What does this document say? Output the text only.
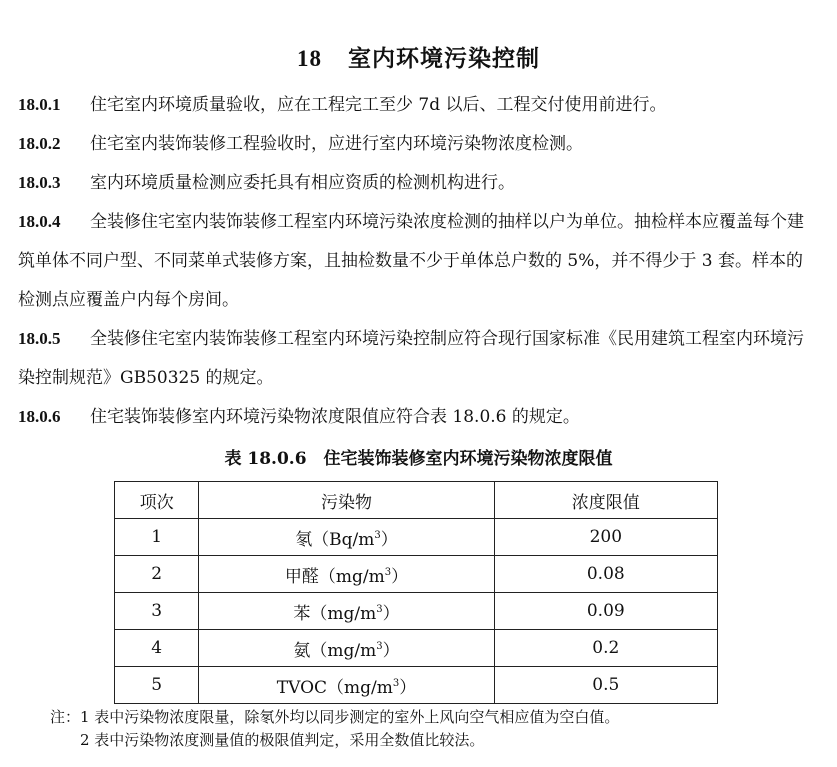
18 室内环境污染控制
18.0.1 住宅室内环境质量验收，应在工程完工至少 7d 以后、工程交付使用前进行。
18.0.2 住宅室内装饰装修工程验收时，应进行室内环境污染物浓度检测。
18.0.3 室内环境质量检测应委托具有相应资质的检测机构进行。
18.0.4 全装修住宅室内装饰装修工程室内环境污染浓度检测的抽样以户为单位。抽检样本应覆盖每个建筑单体不同户型、不同菜单式装修方案，且抽检数量不少于单体总户数的 5%，并不得少于 3 套。样本的检测点应覆盖户内每个房间。
18.0.5 全装修住宅室内装饰装修工程室内环境污染控制应符合现行国家标准《民用建筑工程室内环境污染控制规范》GB50325 的规定。
18.0.6 住宅装饰装修室内环境污染物浓度限值应符合表 18.0.6 的规定。
表 18.0.6　住宅装饰装修室内环境污染物浓度限值
项次	污染物	浓度限值
1	氡$(Bq/m^3)$	200
2	甲醛$(mg/m^3)$	0.08
3	苯$(mg/m^3)$	0.09
4	氨$(mg/m^3)$	0.2
5	$TVOC(mg/m^3)$	0.5
注：1 表中污染物浓度限量，除氡外均以同步测定的室外上风向空气相应值为空白值。
2 表中污染物浓度测量值的极限值判定，采用全数值比较法。
